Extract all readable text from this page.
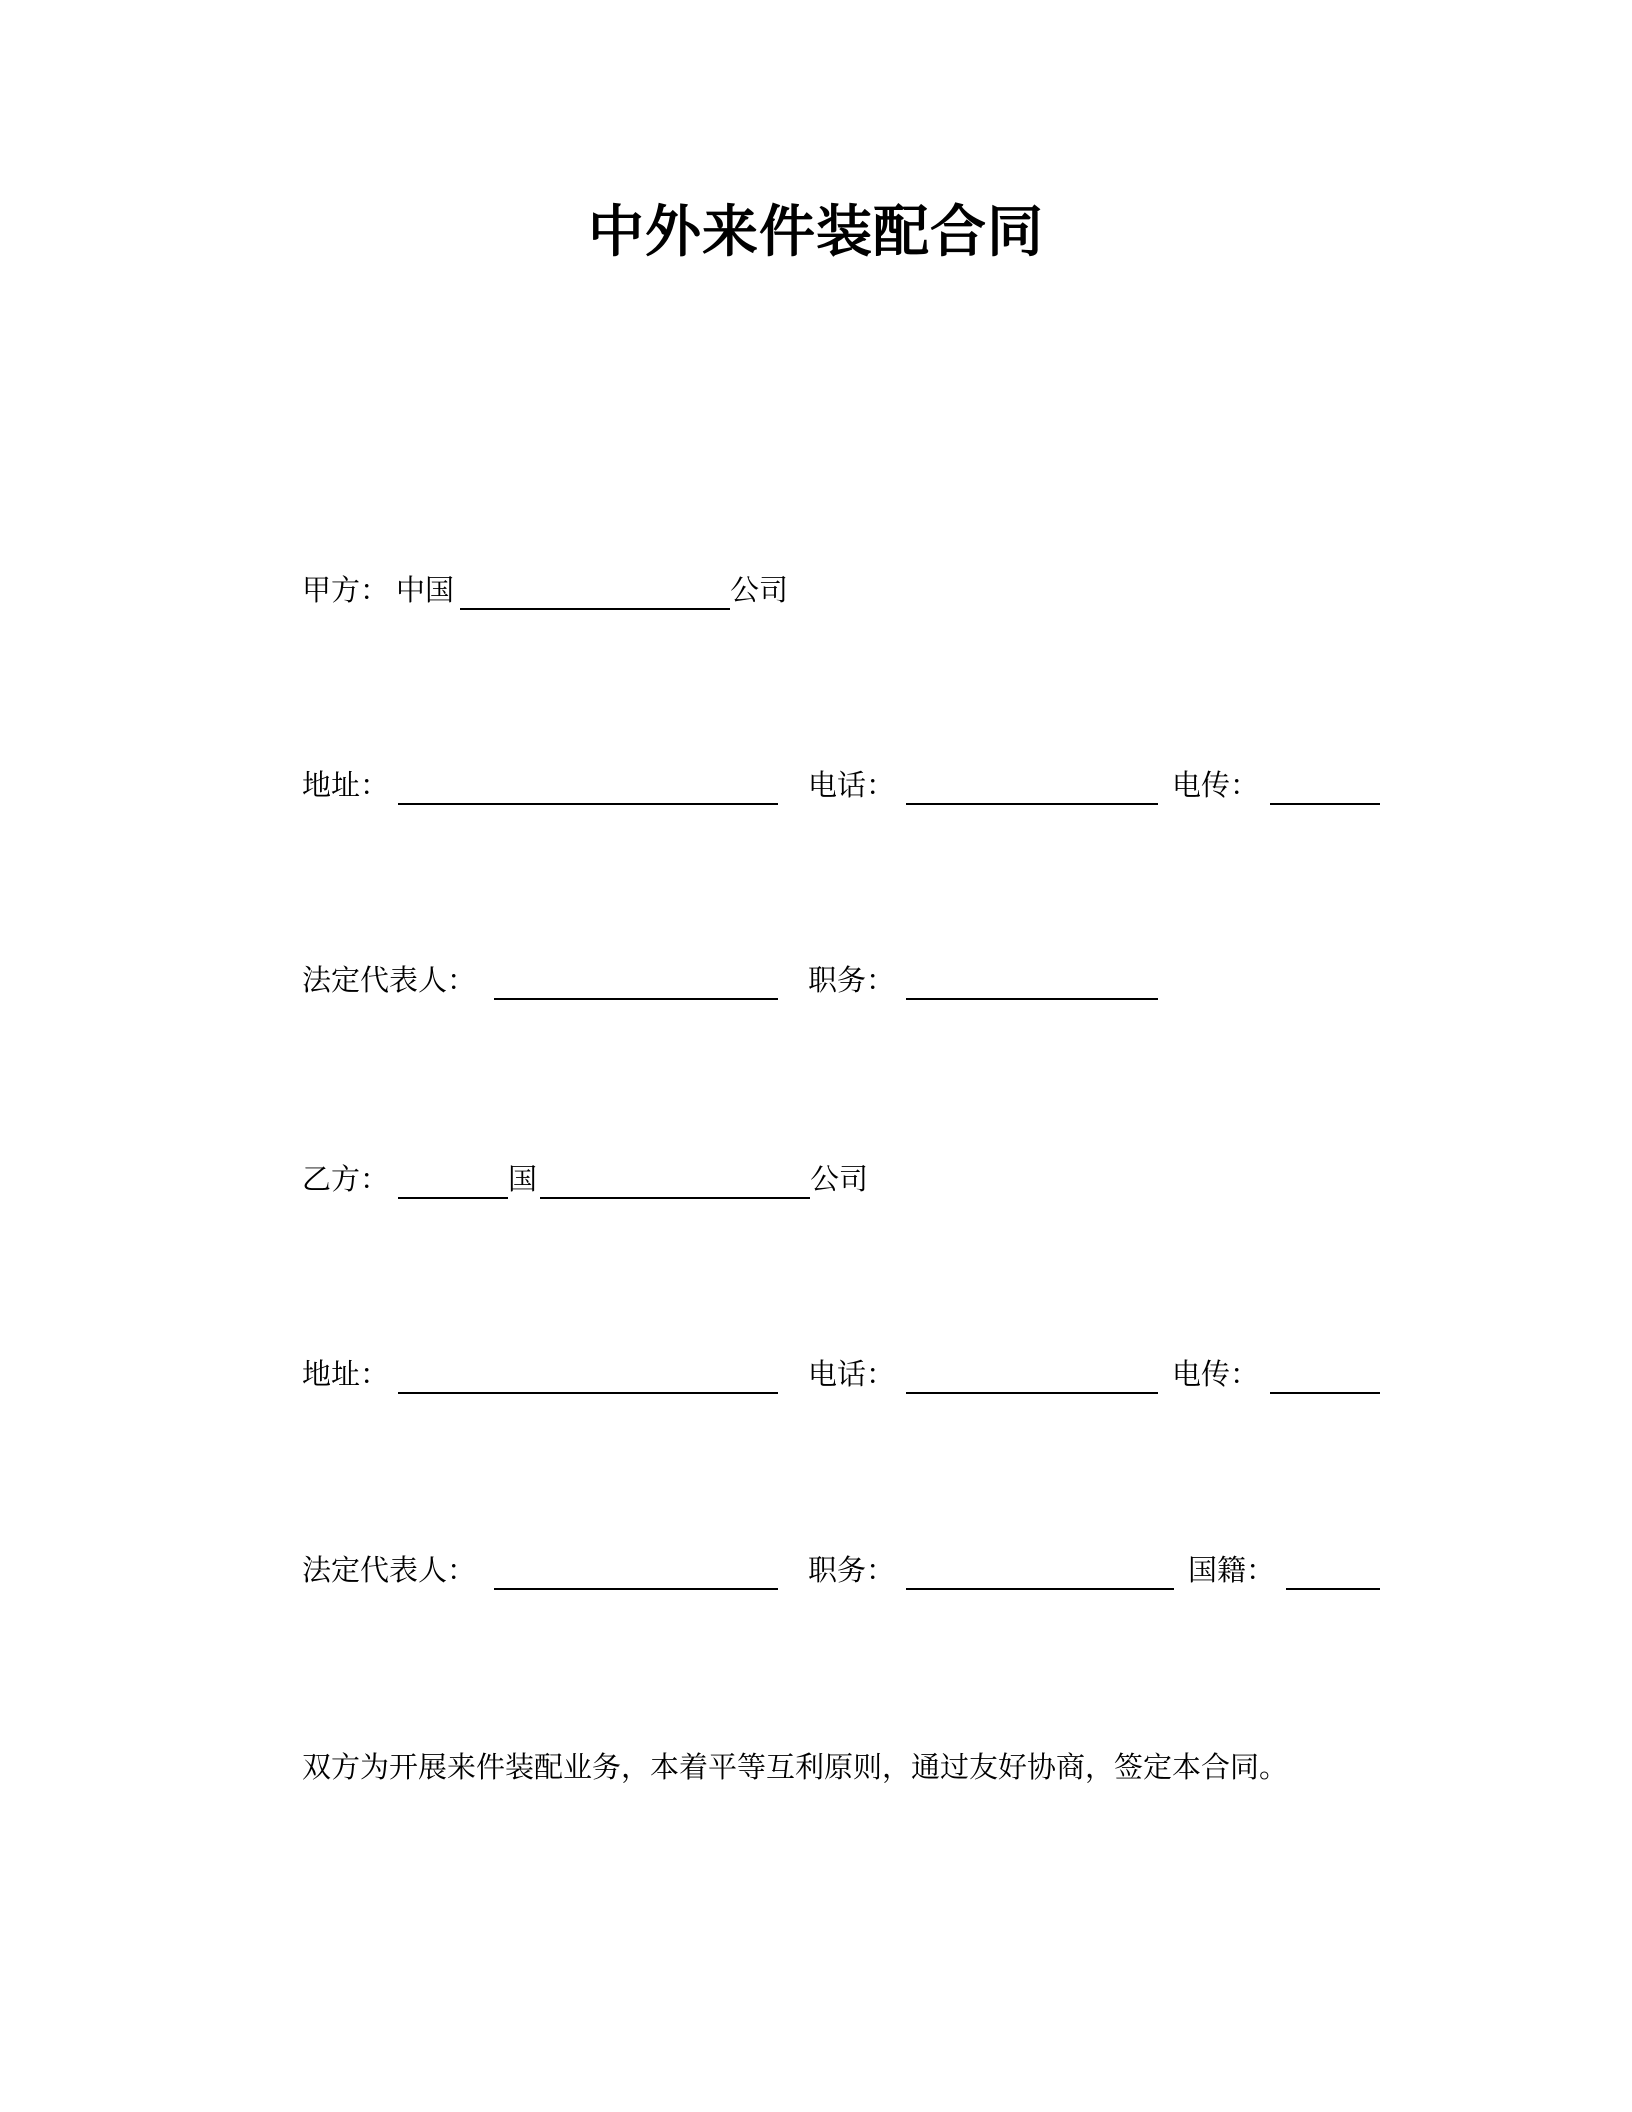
中外来件装配合同
甲方： 中国	公司
地址：	电话：	电传：
法定代表人：	职务：
乙方：	国	公司
地址：	电话：	电传：
法定代表人：	职务：	国籍：
双方为开展来件装配业务，本着平等互利原则，通过友好协商，签定本合同。
